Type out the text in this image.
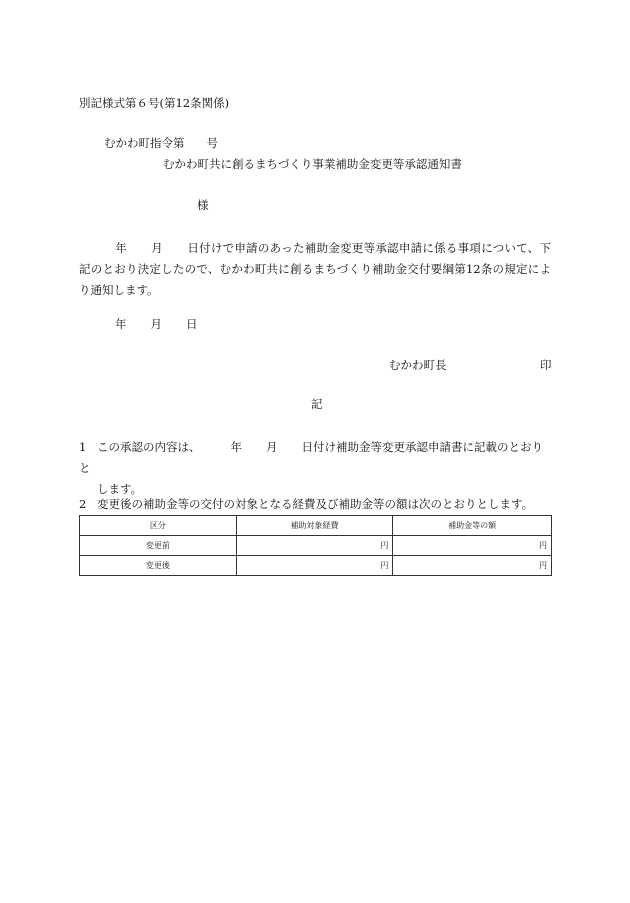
別記様式第６号(第12条関係)
むかわ町指令第 号
むかわ町共に創るまちづくり事業補助金変更等承認通知書
様
年 月 日付けで申請のあった補助金変更等承認申請に係る事項について、下記のとおり決定したので、むかわ町共に創るまちづくり補助金交付要綱第12条の規定により通知します。
年 月 日
むかわ町長	印
記
1 この承認の内容は、	年 月 日付け補助金等変更承認申請書に記載のとおりと
します。
2 変更後の補助金等の交付の対象となる経費及び補助金等の額は次のとおりとします。
区分	補助対象経費	補助金等の額
変更前	円	円
変更後	円	円
